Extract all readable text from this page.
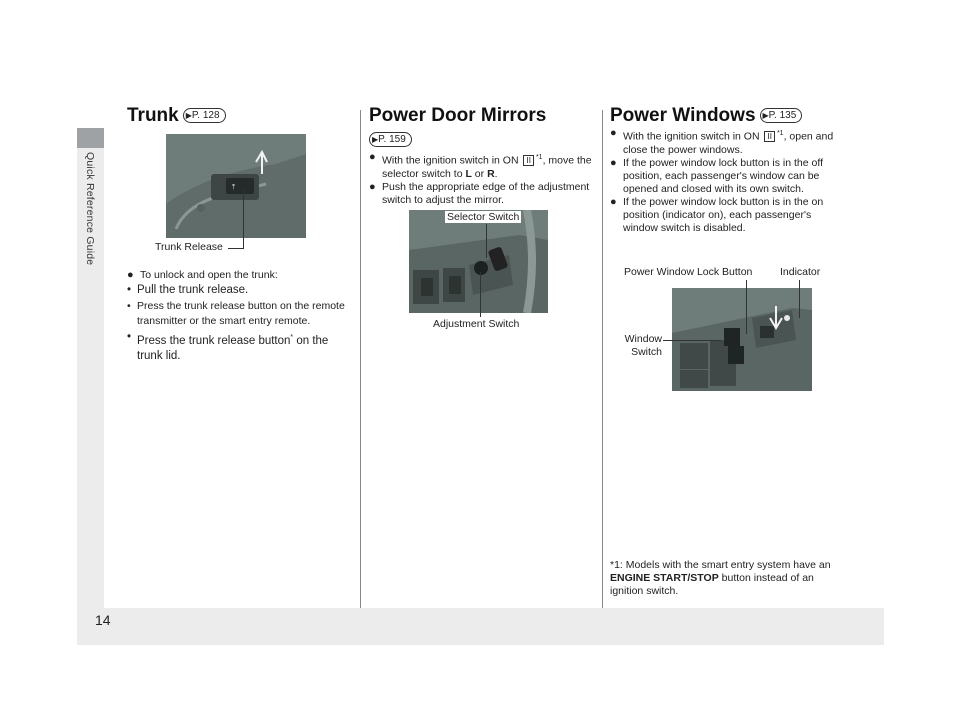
Quick Reference Guide
14
Trunk ▶P. 128
⤒
Trunk Release
● To unlock and open the trunk:
• Pull the trunk release.
• Press the trunk release button on the remote transmitter or the smart entry remote.
• Press the trunk release button* on the trunk lid.
Power Door Mirrors
▶P. 159
● With the ignition switch in ON II $^{*1}$, move the selector switch to L or R.
● Push the appropriate edge of the adjustment switch to adjust the mirror.
Selector Switch
Adjustment Switch
Power Windows ▶P. 135
● With the ignition switch in ON II $^{*1}$, open and close the power windows.
● If the power window lock button is in the off position, each passenger's window can be opened and closed with its own switch.
● If the power window lock button is in the on position (indicator on), each passenger's window switch is disabled.
Power Window Lock Button	Indicator
Window Switch
*1: Models with the smart entry system have an ENGINE START/STOP button instead of an ignition switch.
